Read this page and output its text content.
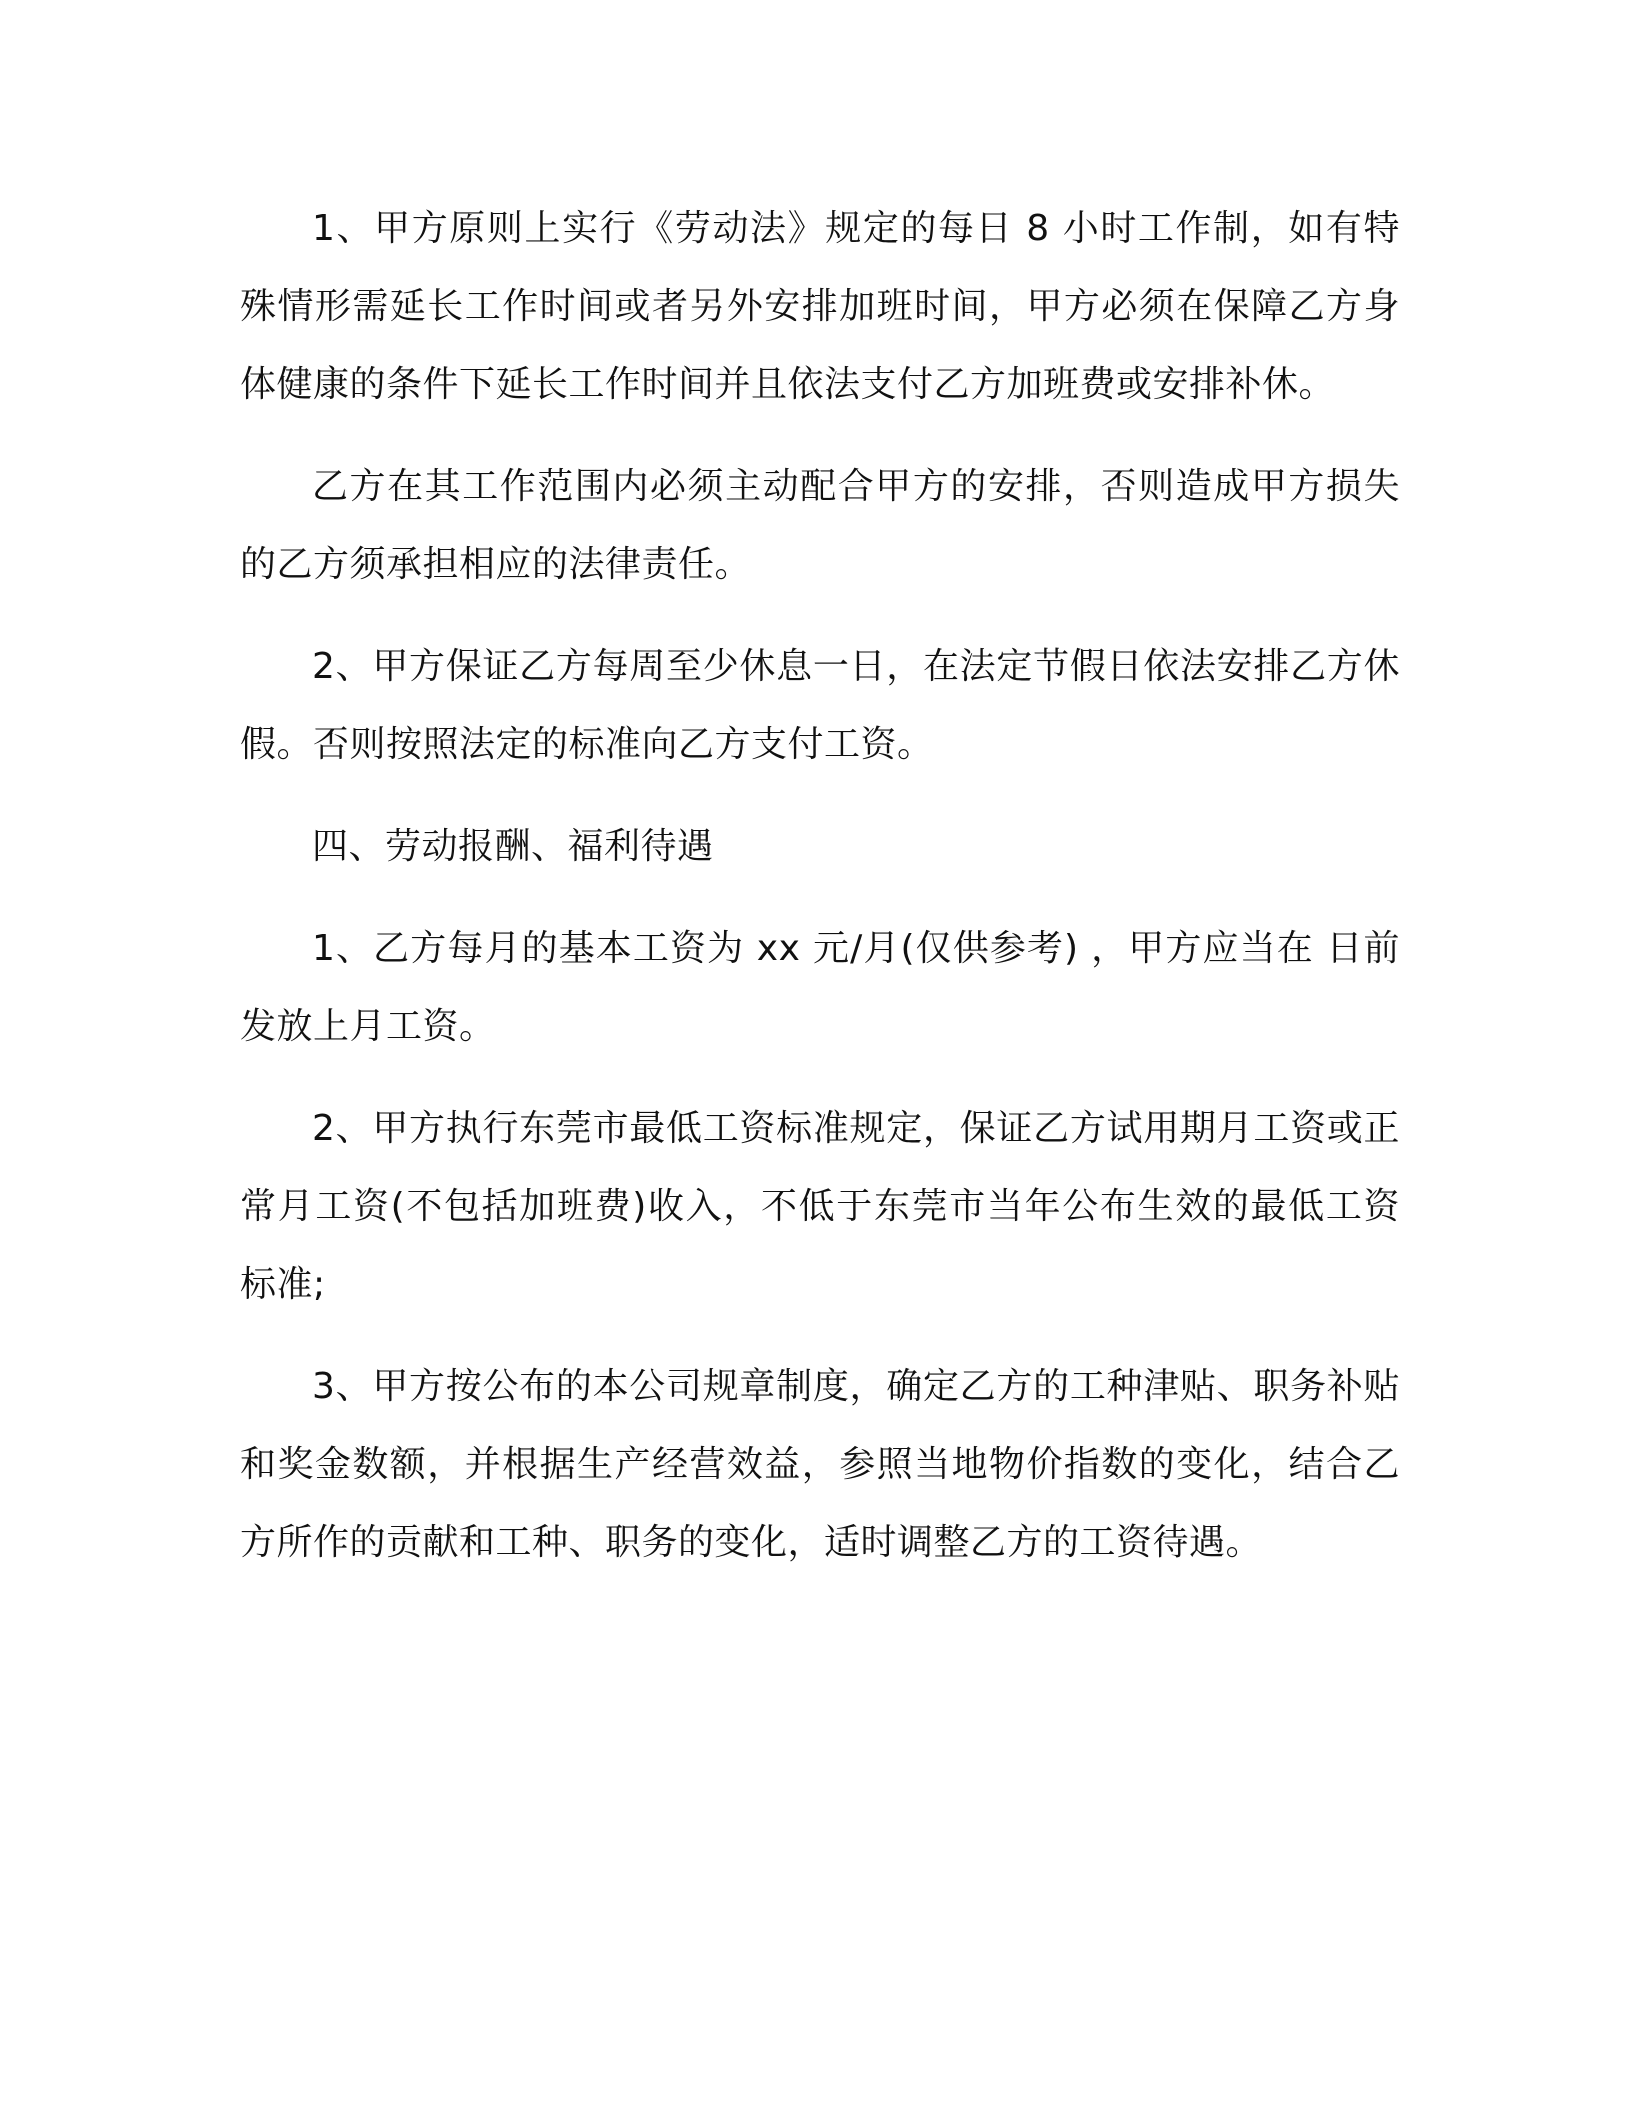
1、甲方原则上实行《劳动法》规定的每日 8 小时工作制，如有特殊情形需延长工作时间或者另外安排加班时间，甲方必须在保障乙方身体健康的条件下延长工作时间并且依法支付乙方加班费或安排补休。

乙方在其工作范围内必须主动配合甲方的安排，否则造成甲方损失的乙方须承担相应的法律责任。

2、甲方保证乙方每周至少休息一日，在法定节假日依法安排乙方休假。否则按照法定的标准向乙方支付工资。

四、劳动报酬、福利待遇

1、乙方每月的基本工资为 xx 元/月(仅供参考) ，甲方应当在 日前发放上月工资。

2、甲方执行东莞市最低工资标准规定，保证乙方试用期月工资或正常月工资(不包括加班费)收入，不低于东莞市当年公布生效的最低工资标准;

3、甲方按公布的本公司规章制度，确定乙方的工种津贴、职务补贴和奖金数额，并根据生产经营效益，参照当地物价指数的变化，结合乙方所作的贡献和工种、职务的变化，适时调整乙方的工资待遇。
